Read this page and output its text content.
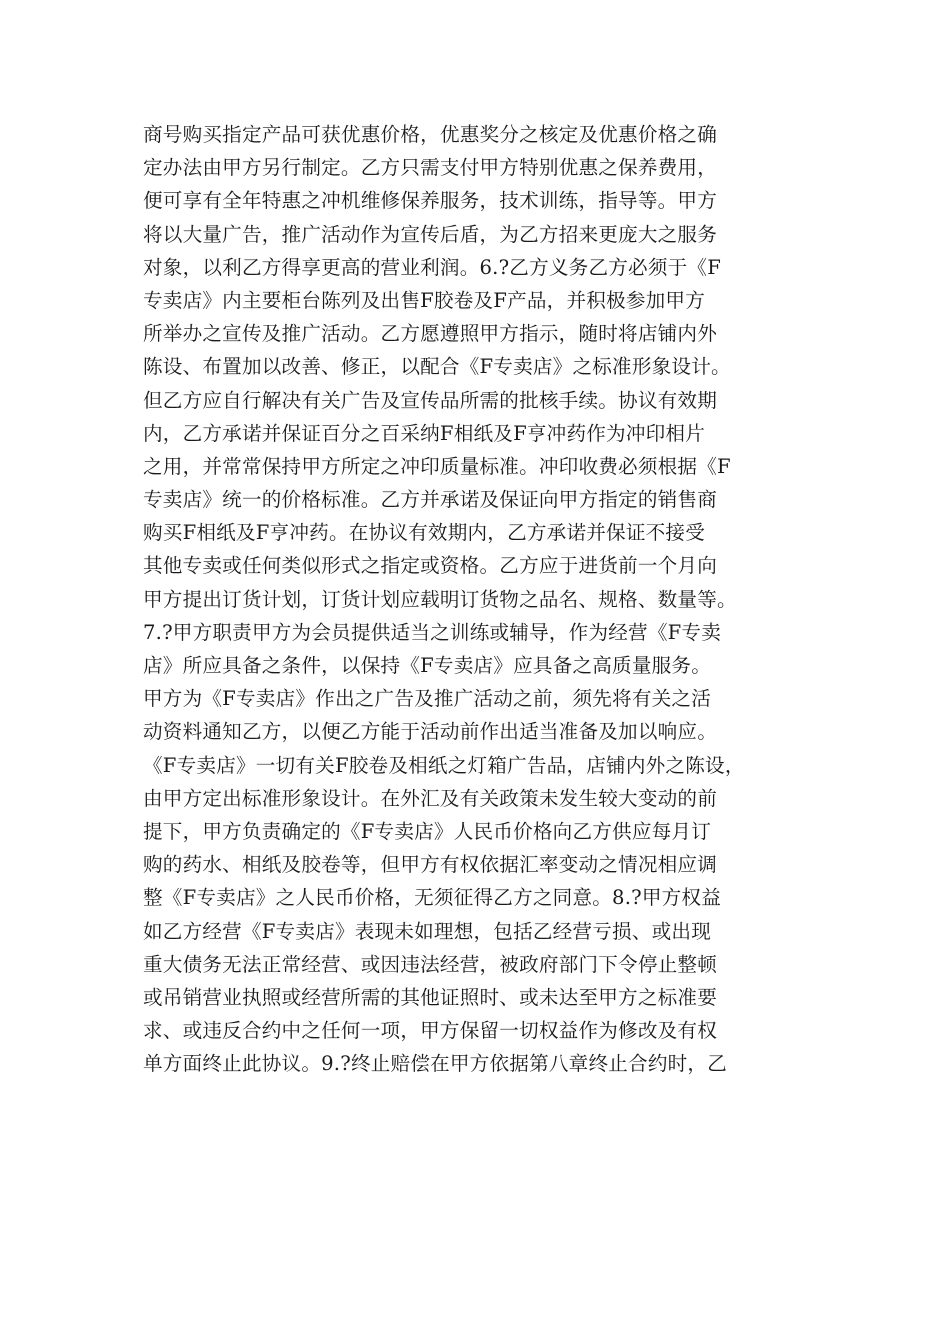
商号购买指定产品可获优惠价格，优惠奖分之核定及优惠价格之确
定办法由甲方另行制定。乙方只需支付甲方特别优惠之保养费用，
便可享有全年特惠之冲机维修保养服务，技术训练，指导等。甲方
将以大量广告，推广活动作为宣传后盾，为乙方招来更庞大之服务
对象，以利乙方得享更高的营业利润。6.?乙方义务乙方必须于《F
专卖店》内主要柜台陈列及出售F胶卷及F产品，并积极参加甲方
所举办之宣传及推广活动。乙方愿遵照甲方指示，随时将店铺内外
陈设、布置加以改善、修正，以配合《F专卖店》之标准形象设计。
但乙方应自行解决有关广告及宣传品所需的批核手续。协议有效期
内，乙方承诺并保证百分之百采纳F相纸及F亨冲药作为冲印相片
之用，并常常保持甲方所定之冲印质量标准。冲印收费必须根据《F
专卖店》统一的价格标准。乙方并承诺及保证向甲方指定的销售商
购买F相纸及F亨冲药。在协议有效期内，乙方承诺并保证不接受
其他专卖或任何类似形式之指定或资格。乙方应于进货前一个月向
甲方提出订货计划，订货计划应载明订货物之品名、规格、数量等。
7.?甲方职责甲方为会员提供适当之训练或辅导，作为经营《F专卖
店》所应具备之条件，以保持《F专卖店》应具备之高质量服务。
甲方为《F专卖店》作出之广告及推广活动之前，须先将有关之活
动资料通知乙方，以便乙方能于活动前作出适当准备及加以响应。
《F专卖店》一切有关F胶卷及相纸之灯箱广告品，店铺内外之陈设，
由甲方定出标准形象设计。在外汇及有关政策未发生较大变动的前
提下，甲方负责确定的《F专卖店》人民币价格向乙方供应每月订
购的药水、相纸及胶卷等，但甲方有权依据汇率变动之情况相应调
整《F专卖店》之人民币价格，无须征得乙方之同意。8.?甲方权益
如乙方经营《F专卖店》表现未如理想，包括乙经营亏损、或出现
重大债务无法正常经营、或因违法经营，被政府部门下令停止整顿
或吊销营业执照或经营所需的其他证照时、或未达至甲方之标准要
求、或违反合约中之任何一项，甲方保留一切权益作为修改及有权
单方面终止此协议。9.?终止赔偿在甲方依据第八章终止合约时，乙
